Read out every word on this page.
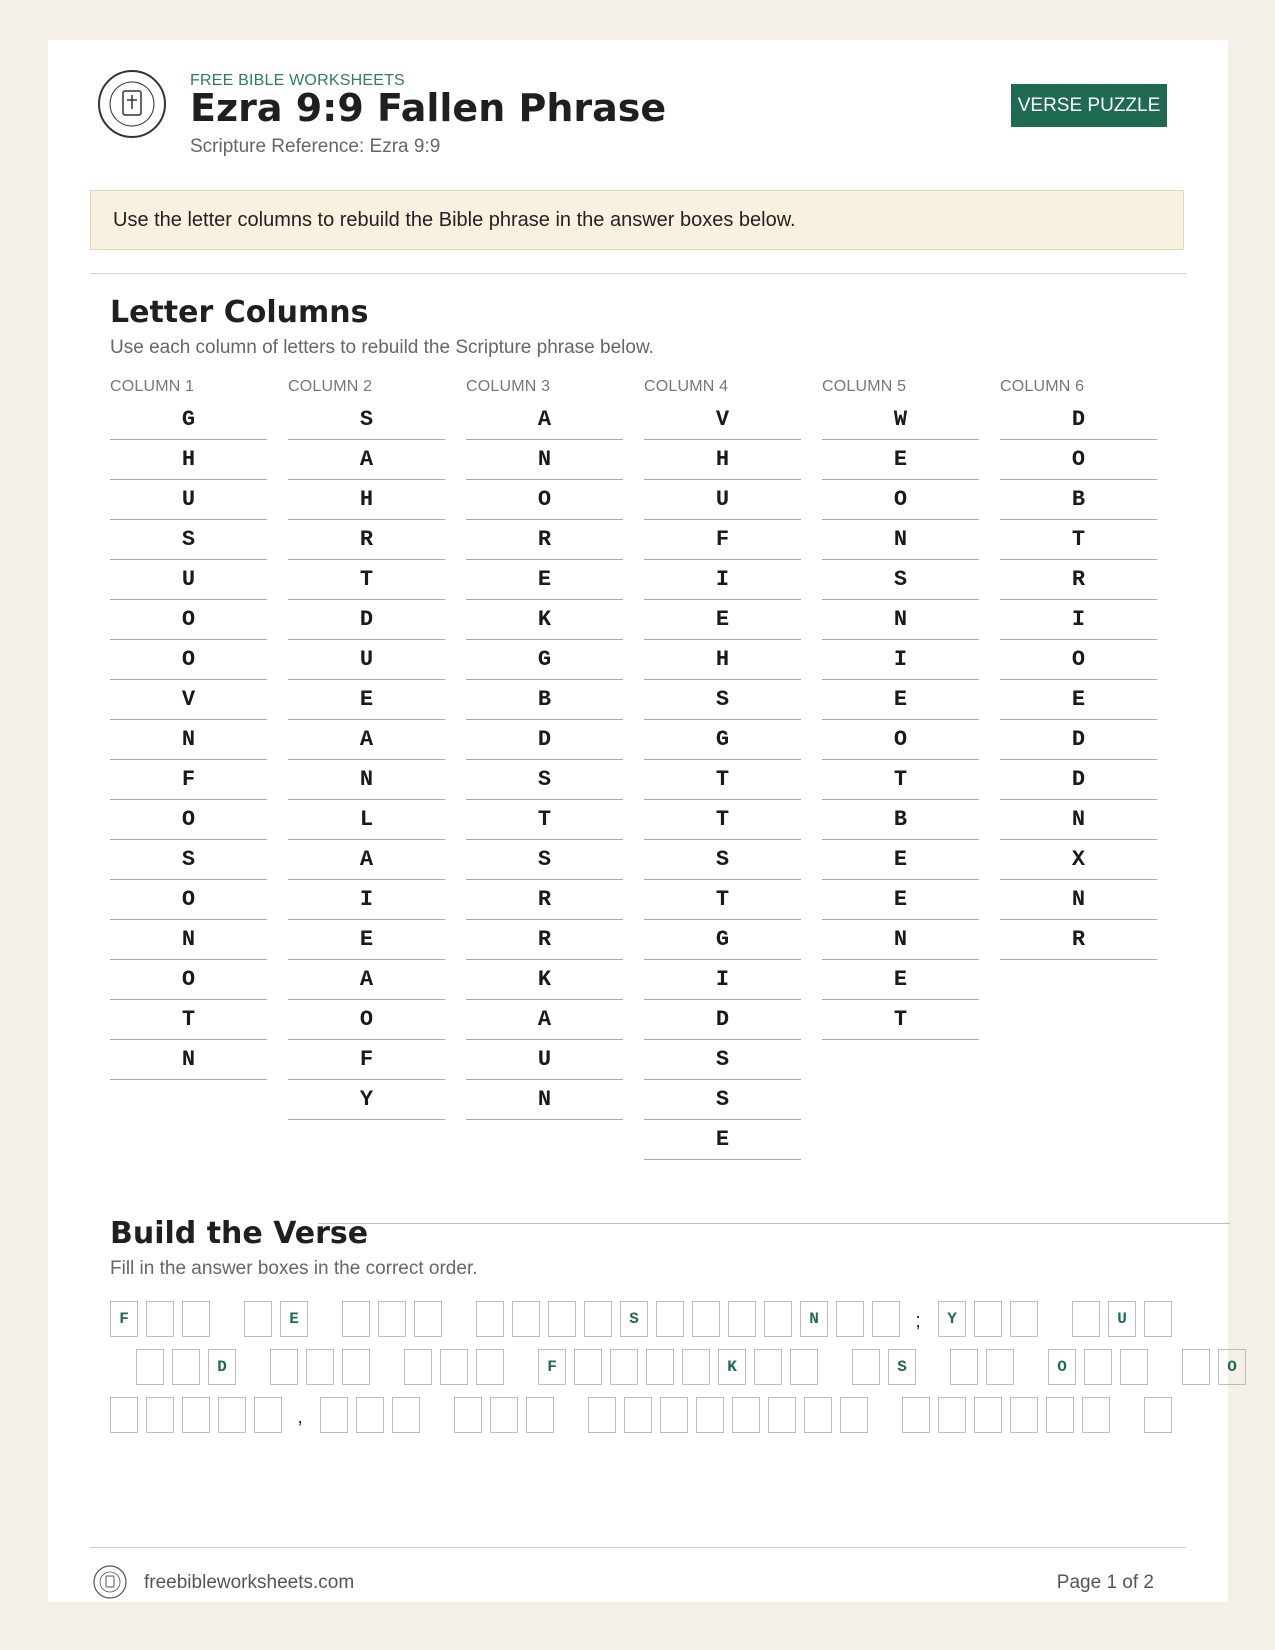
FREE BIBLE WORKSHEETS
Ezra 9:9 Fallen Phrase
Scripture Reference: Ezra 9:9
VERSE PUZZLE
Use the letter columns to rebuild the Bible phrase in the answer boxes below.
Letter Columns
Use each column of letters to rebuild the Scripture phrase below.
COLUMN 1
G
H
U
S
U
O
O
V
N
F
O
S
O
N
O
T
N
COLUMN 2
S
A
H
R
T
D
U
E
A
N
L
A
I
E
A
O
F
Y
COLUMN 3
A
N
O
R
E
K
G
B
D
S
T
S
R
R
K
A
U
N
COLUMN 4
V
H
U
F
I
E
H
S
G
T
T
S
T
G
I
D
S
S
E
COLUMN 5
W
E
O
N
S
N
I
E
O
T
B
E
E
N
E
T
COLUMN 6
D
O
B
T
R
I
O
E
D
D
N
X
N
R
Build the Verse
Fill in the answer boxes in the correct order.
F	E	S	N	;	Y	U
D	F	K	S	O	O
,
freebibleworksheets.com	Page 1 of 2
